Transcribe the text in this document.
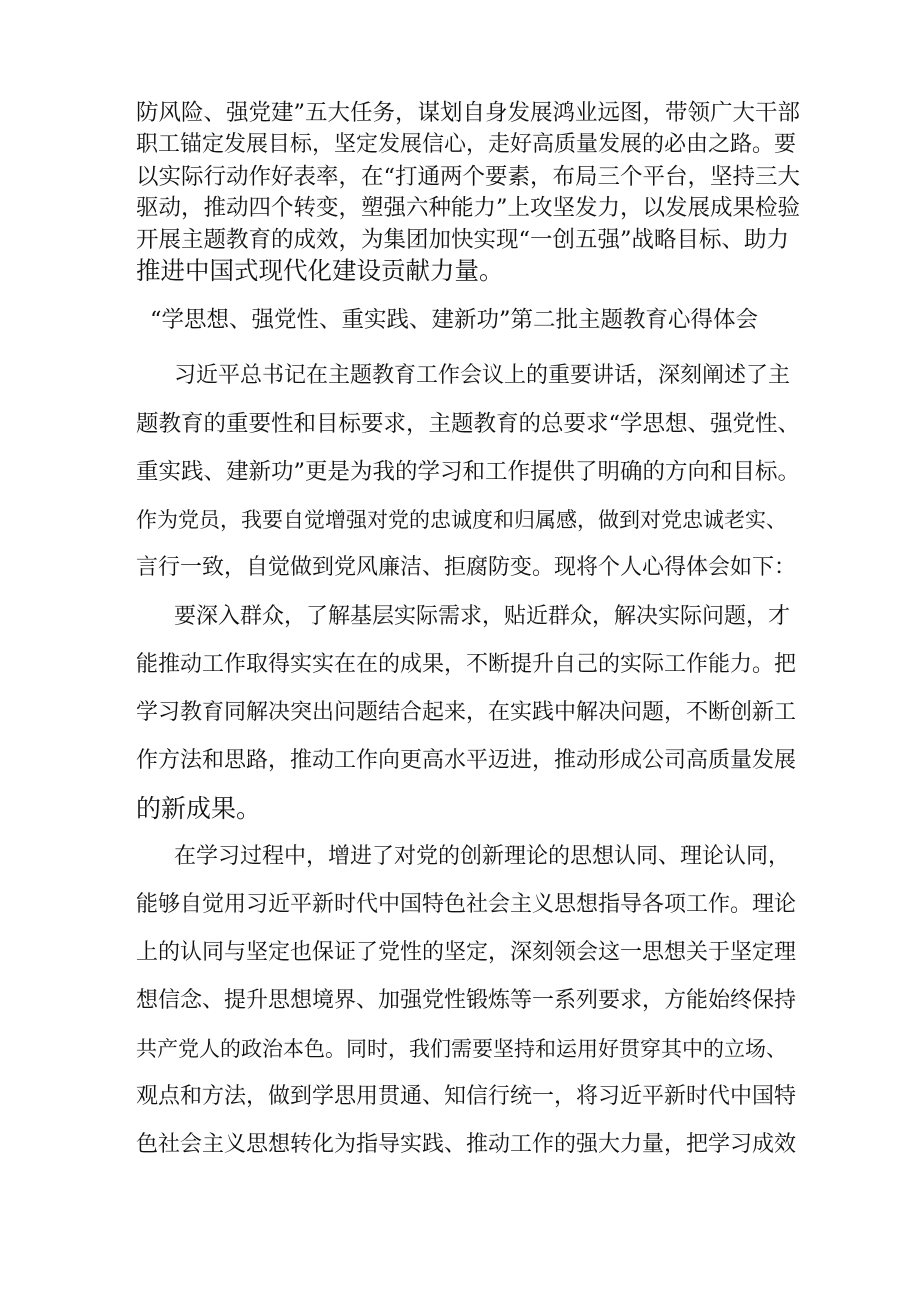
防风险、强党建”五大任务，谋划自身发展鸿业远图，带领广大干部
职工锚定发展目标，坚定发展信心，走好高质量发展的必由之路。要
以实际行动作好表率，在“打通两个要素，布局三个平台，坚持三大
驱动，推动四个转变，塑强六种能力”上攻坚发力，以发展成果检验
开展主题教育的成效，为集团加快实现“一创五强”战略目标、助力
推进中国式现代化建设贡献力量。
“学思想、强党性、重实践、建新功”第二批主题教育心得体会
习近平总书记在主题教育工作会议上的重要讲话，深刻阐述了主
题教育的重要性和目标要求，主题教育的总要求“学思想、强党性、
重实践、建新功”更是为我的学习和工作提供了明确的方向和目标。
作为党员，我要自觉增强对党的忠诚度和归属感，做到对党忠诚老实、
言行一致，自觉做到党风廉洁、拒腐防变。现将个人心得体会如下：
要深入群众，了解基层实际需求，贴近群众，解决实际问题，才
能推动工作取得实实在在的成果，不断提升自己的实际工作能力。把
学习教育同解决突出问题结合起来，在实践中解决问题，不断创新工
作方法和思路，推动工作向更高水平迈进，推动形成公司高质量发展
的新成果。
在学习过程中，增进了对党的创新理论的思想认同、理论认同，
能够自觉用习近平新时代中国特色社会主义思想指导各项工作。理论
上的认同与坚定也保证了党性的坚定，深刻领会这一思想关于坚定理
想信念、提升思想境界、加强党性锻炼等一系列要求，方能始终保持
共产党人的政治本色。同时，我们需要坚持和运用好贯穿其中的立场、
观点和方法，做到学思用贯通、知信行统一，将习近平新时代中国特
色社会主义思想转化为指导实践、推动工作的强大力量，把学习成效
